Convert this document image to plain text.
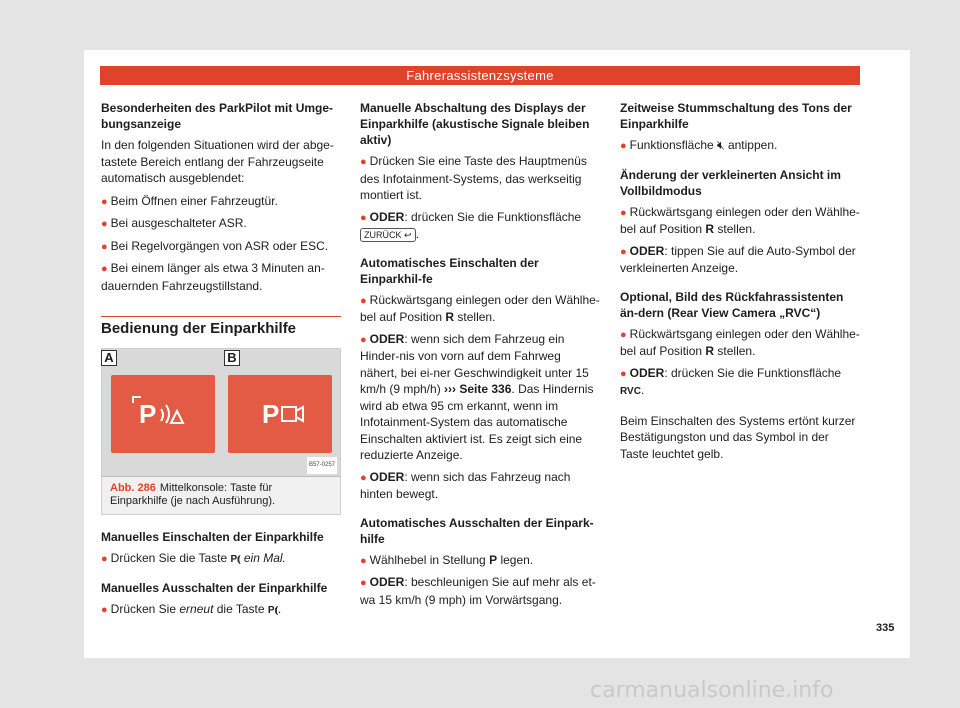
Fahrerassistenzsysteme
Besonderheiten des ParkPilot mit Umge-bungsanzeige

In den folgenden Situationen wird der abge-tastete Bereich entlang der Fahrzeugseite automatisch ausgeblendet:

● Beim Öffnen einer Fahrzeugtür.

● Bei ausgeschalteter ASR.

● Bei Regelvorgängen von ASR oder ESC.

● Bei einem länger als etwa 3 Minuten an-dauernden Fahrzeugstillstand.

Bedienung der Einparkhilfe
A	B
P	P
B57-0257
Abb. 286 Mittelkonsole: Taste für Einparkhilfe (je nach Ausführung).
Manuelles Einschalten der Einparkhilfe

● Drücken Sie die Taste P⦅ ein Mal.

Manuelles Ausschalten der Einparkhilfe

● Drücken Sie erneut die Taste P⦅.

Manuelle Abschaltung des Displays der Einparkhilfe (akustische Signale bleiben aktiv)

● Drücken Sie eine Taste des Hauptmenüs des Infotainment-Systems, das werkseitig montiert ist.

● ODER: drücken Sie die Funktionsfläche ZURÜCK ↩ .

Automatisches Einschalten der Einparkhil-fe

● Rückwärtsgang einlegen oder den Wählhe-bel auf Position R stellen.

● ODER: wenn sich dem Fahrzeug ein Hinder-nis von vorn auf dem Fahrweg nähert, bei ei-ner Geschwindigkeit unter 15 km/h (9 mph/h) ››› Seite 336. Das Hindernis wird ab etwa 95 cm erkannt, wenn im Infotainment-System das automatische Einschalten aktiviert ist. Es zeigt sich eine reduzierte Anzeige.

● ODER: wenn sich das Fahrzeug nach hinten bewegt.

Automatisches Ausschalten der Einpark-hilfe

● Wählhebel in Stellung P legen.

● ODER: beschleunigen Sie auf mehr als et-wa 15 km/h (9 mph) im Vorwärtsgang.

Zeitweise Stummschaltung des Tons der Einparkhilfe

● Funktionsfläche 🔇︎ antippen.

Änderung der verkleinerten Ansicht im Vollbildmodus

● Rückwärtsgang einlegen oder den Wählhe-bel auf Position R stellen.

● ODER: tippen Sie auf die Auto-Symbol der verkleinerten Anzeige.

Optional, Bild des Rückfahrassistenten än-dern (Rear View Camera „RVC“)

● Rückwärtsgang einlegen oder den Wählhe-bel auf Position R stellen.

● ODER: drücken Sie die Funktionsfläche RVC.

Beim Einschalten des Systems ertönt kurzer Bestätigungston und das Symbol in der Taste leuchtet gelb.

335
carmanualsonline.info
